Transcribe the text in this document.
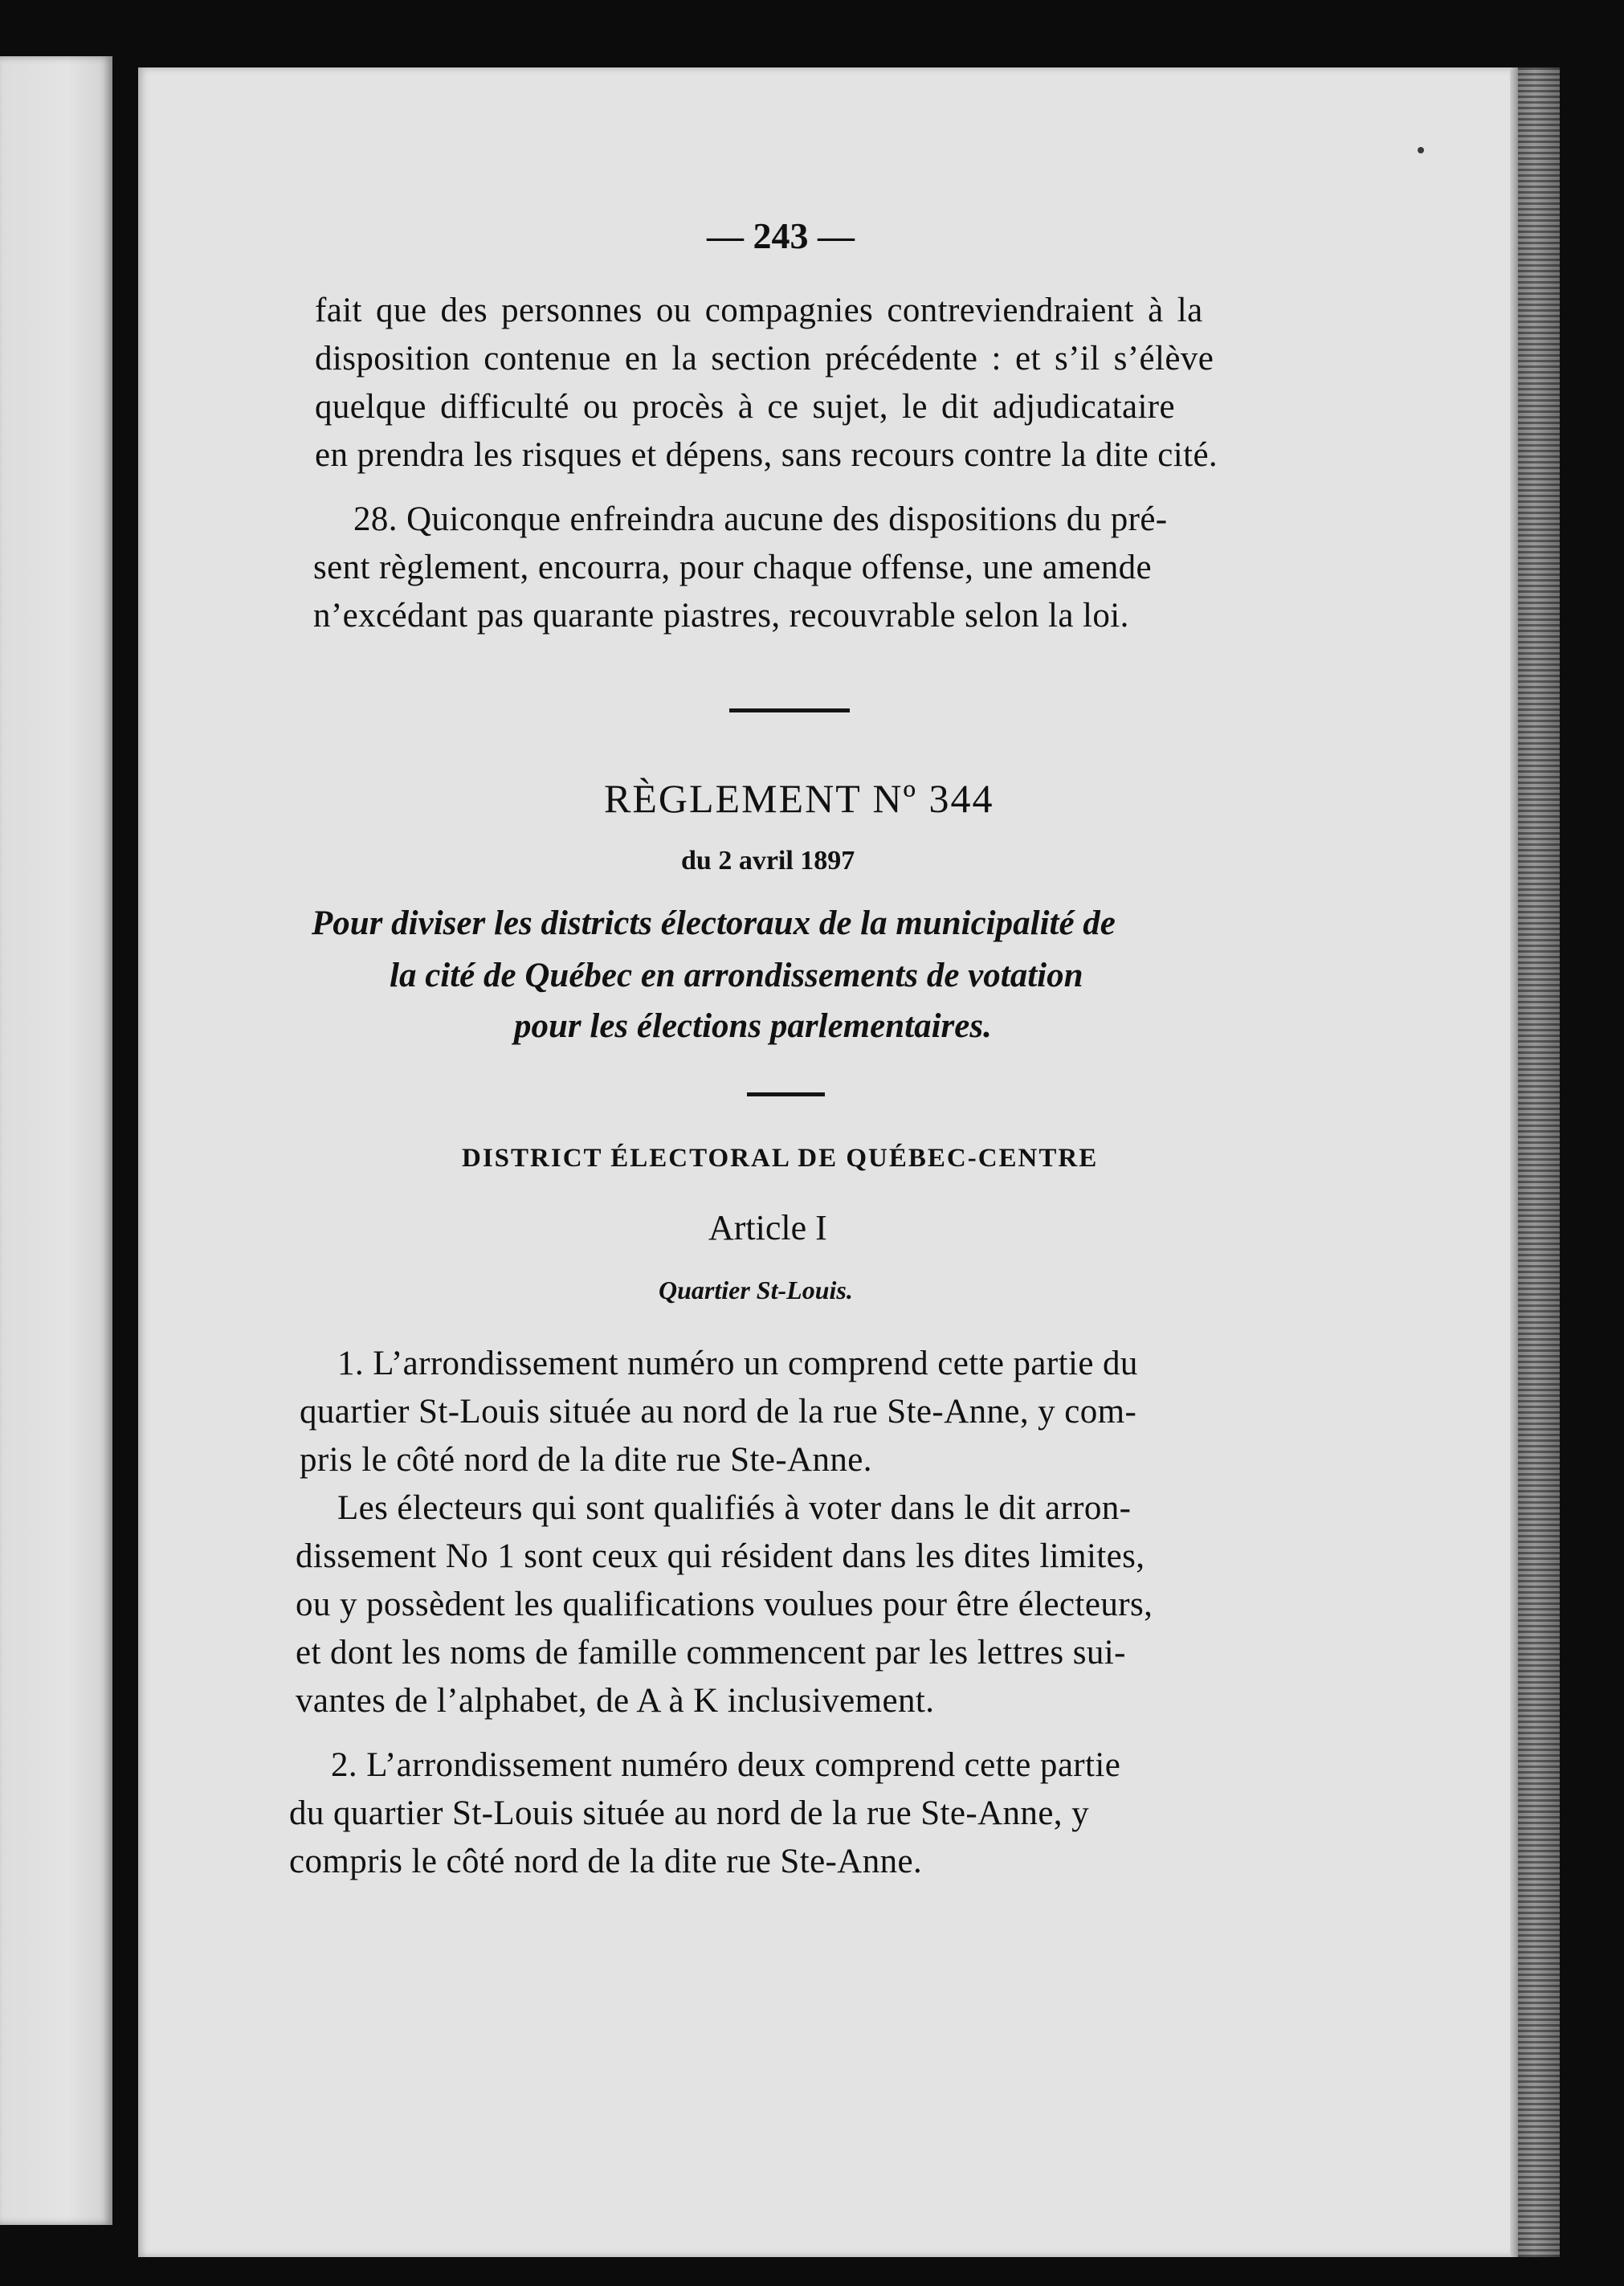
— 243 —

fait que des personnes ou compagnies contreviendraient à la

disposition contenue en la section précédente : et s’il s’élève

quelque difficulté ou procès à ce sujet, le dit adjudicataire

en prendra les risques et dépens, sans recours contre la dite cité.

28. Quiconque enfreindra aucune des dispositions du pré-

sent règlement, encourra, pour chaque offense, une amende

n’excédant pas quarante piastres, recouvrable selon la loi.

RÈGLEMENT Nº 344

du 2 avril 1897

Pour diviser les districts électoraux de la municipalité de

la cité de Québec en arrondissements de votation

pour les élections parlementaires.

DISTRICT ÉLECTORAL DE QUÉBEC-CENTRE

Article I

Quartier St-Louis.

1. L’arrondissement numéro un comprend cette partie du

quartier St-Louis située au nord de la rue Ste-Anne, y com-

pris le côté nord de la dite rue Ste-Anne.

Les électeurs qui sont qualifiés à voter dans le dit arron-

dissement No 1 sont ceux qui résident dans les dites limites,

ou y possèdent les qualifications voulues pour être électeurs,

et dont les noms de famille commencent par les lettres sui-

vantes de l’alphabet, de A à K inclusivement.

2. L’arrondissement numéro deux comprend cette partie

du quartier St-Louis située au nord de la rue Ste-Anne, y

compris le côté nord de la dite rue Ste-Anne.
